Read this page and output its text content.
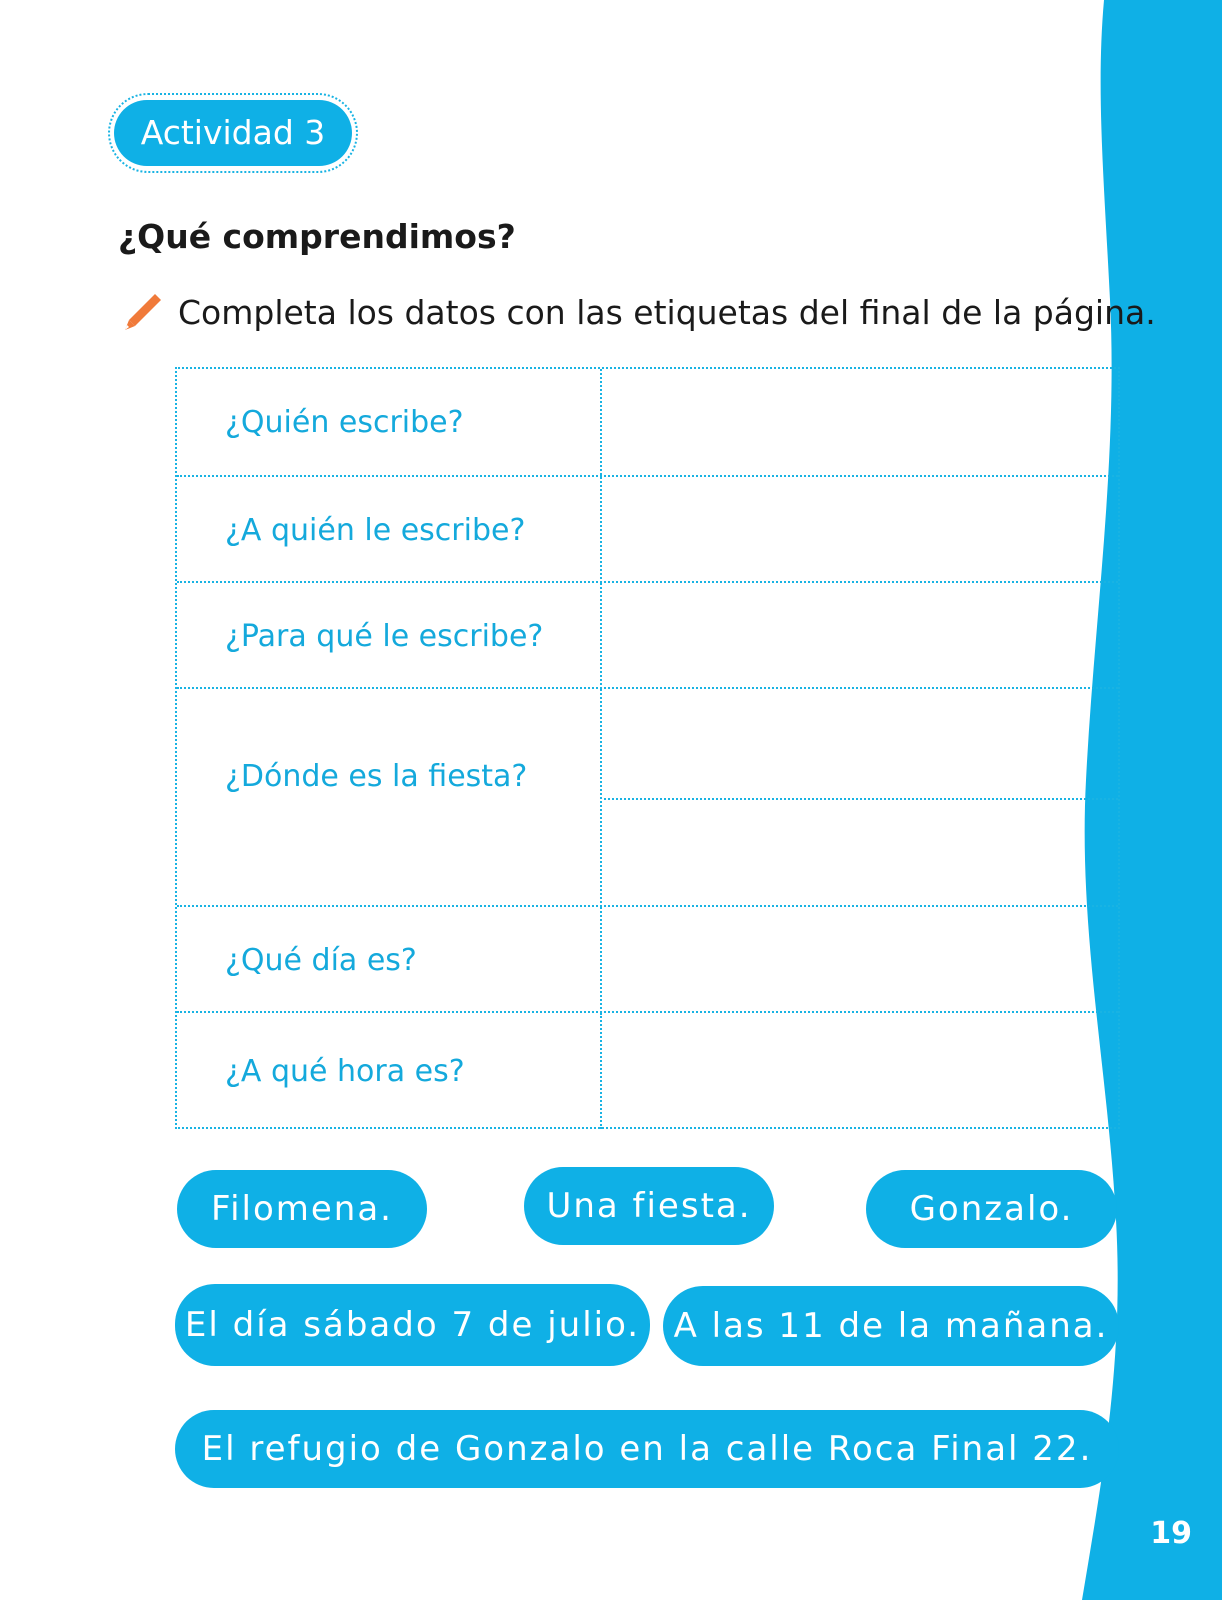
19
Actividad 3
¿Qué comprendimos?
Completa los datos con las etiquetas del final de la página.
¿Quién escribe?
¿A quién le escribe?
¿Para qué le escribe?
¿Dónde es la fiesta?
¿Qué día es?
¿A qué hora es?
Filomena.	Una fiesta.	Gonzalo.
El día sábado 7 de julio. A las 11 de la mañana.
El refugio de Gonzalo en la calle Roca Final 22.
